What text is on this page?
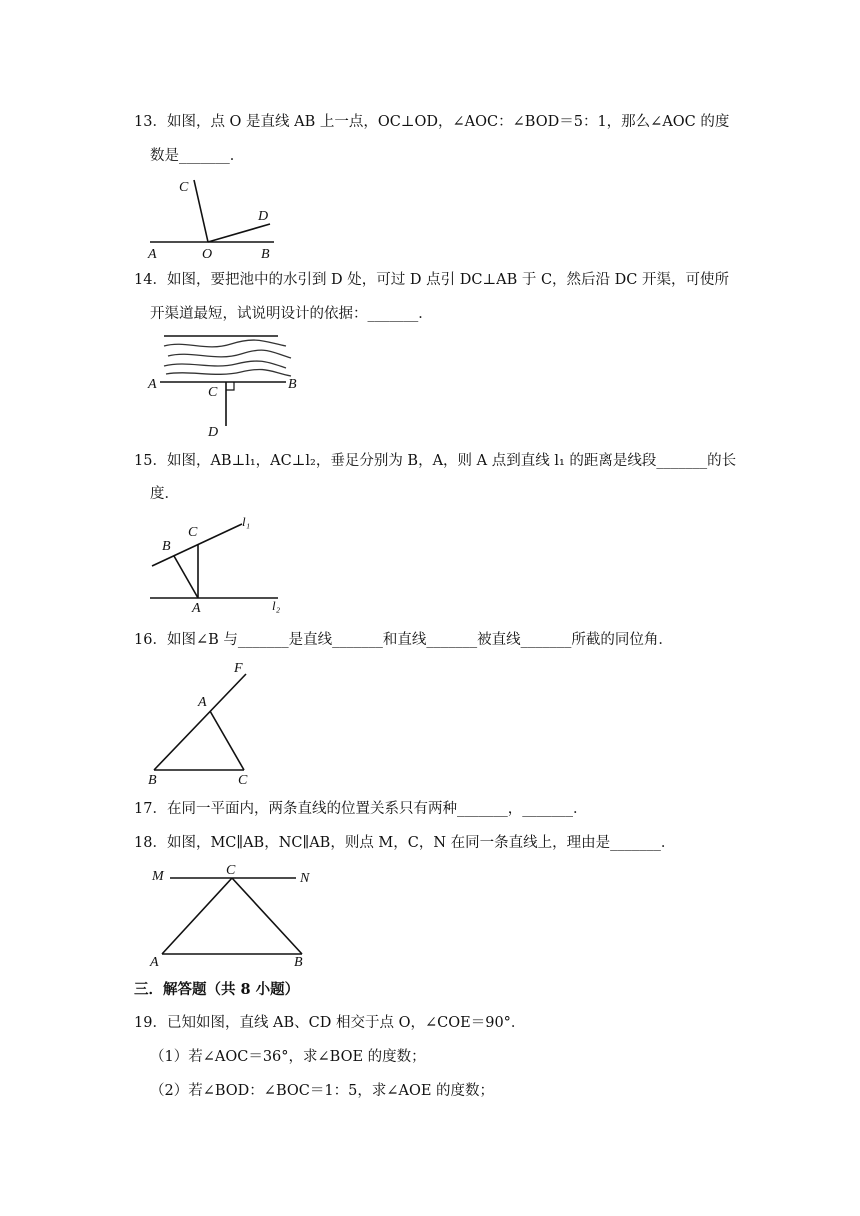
13．如图，点 O 是直线 AB 上一点，OC⊥OD，∠AOC：∠BOD＝5：1，那么∠AOC 的度
数是_______．
C
D
A	O	B
14．如图，要把池中的水引到 D 处，可过 D 点引 DC⊥AB 于 C，然后沿 DC 开渠，可使所
开渠道最短，试说明设计的依据：_______．
A	B
C
D
15．如图，AB⊥l₁，AC⊥l₂，垂足分别为 B，A，则 A 点到直线 l₁ 的距离是线段_______的长
度．
C
B
A
l₁
l₂
16．如图∠B 与_______是直线_______和直线_______被直线_______所截的同位角．
F
A
B	C
17．在同一平面内，两条直线的位置关系只有两种_______，_______．
18．如图，MC∥AB，NC∥AB，则点 M，C，N 在同一条直线上，理由是_______．
M	C
N
A	B
三．解答题（共 8 小题）
19．已知如图，直线 AB、CD 相交于点 O，∠COE＝90°．
（1）若∠AOC＝36°，求∠BOE 的度数；
（2）若∠BOD：∠BOC＝1：5，求∠AOE 的度数；
